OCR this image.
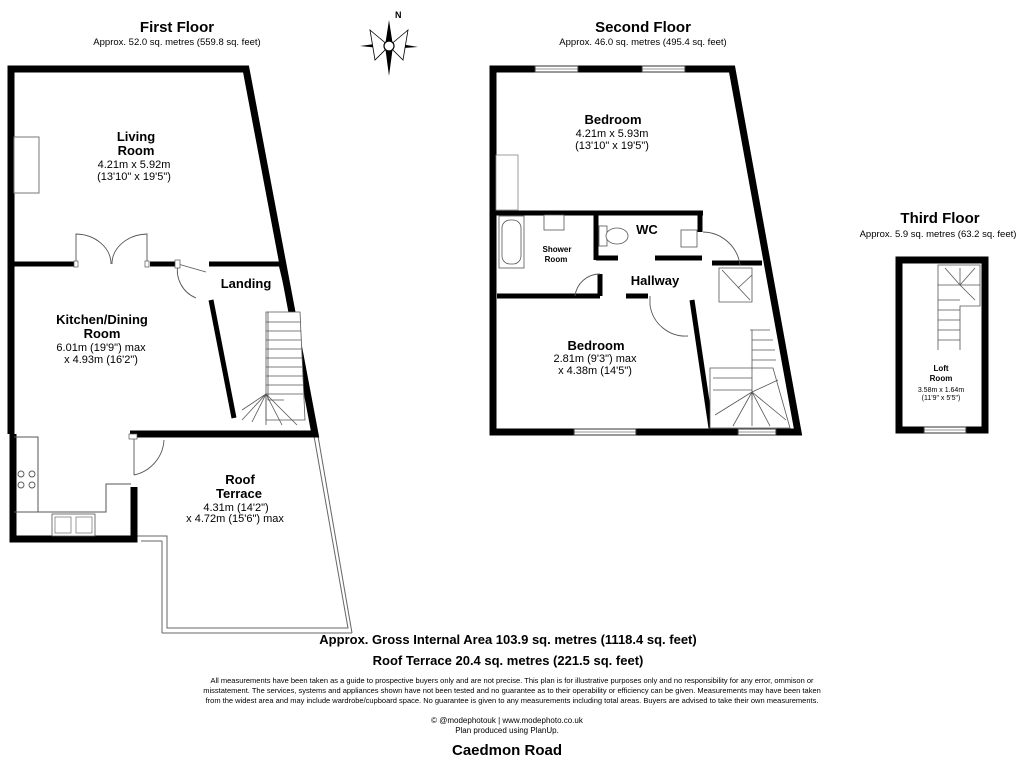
N
First Floor
Approx. 52.0 sq. metres (559.8 sq. feet)
Living
Room
4.21m x 5.92m
(13'10" x 19'5")
Kitchen/Dining
Room
6.01m (19'9") max
x 4.93m (16'2")
Landing
Roof
Terrace
4.31m (14'2")
x 4.72m (15'6") max
Second Floor
Approx. 46.0 sq. metres (495.4 sq. feet)
Bedroom
4.21m x 5.93m
(13'10" x 19'5")
Shower
Room
WC
Hallway
Bedroom
2.81m (9'3") max
x 4.38m (14'5")
Third Floor
Approx. 5.9 sq. metres (63.2 sq. feet)
Loft
Room
3.58m x 1.64m
(11'9" x 5'5")
Approx. Gross Internal Area 103.9 sq. metres (1118.4 sq. feet)
Roof Terrace 20.4 sq. metres (221.5 sq. feet)
All measurements have been taken as a guide to prospective buyers only and are not precise. This plan is for illustrative purposes only and no responsibility for any error, ommison or
misstatement. The services, systems and appliances shown have not been tested and no guarantee as to their operability or efficiency can be given. Measurements may have been taken
from the widest area and may include wardrobe/cupboard space. No guarantee is given to any measurements including total areas. Buyers are advised to take their own measurements.
© @modephotouk | www.modephoto.co.uk
Plan produced using PlanUp.
Caedmon Road
